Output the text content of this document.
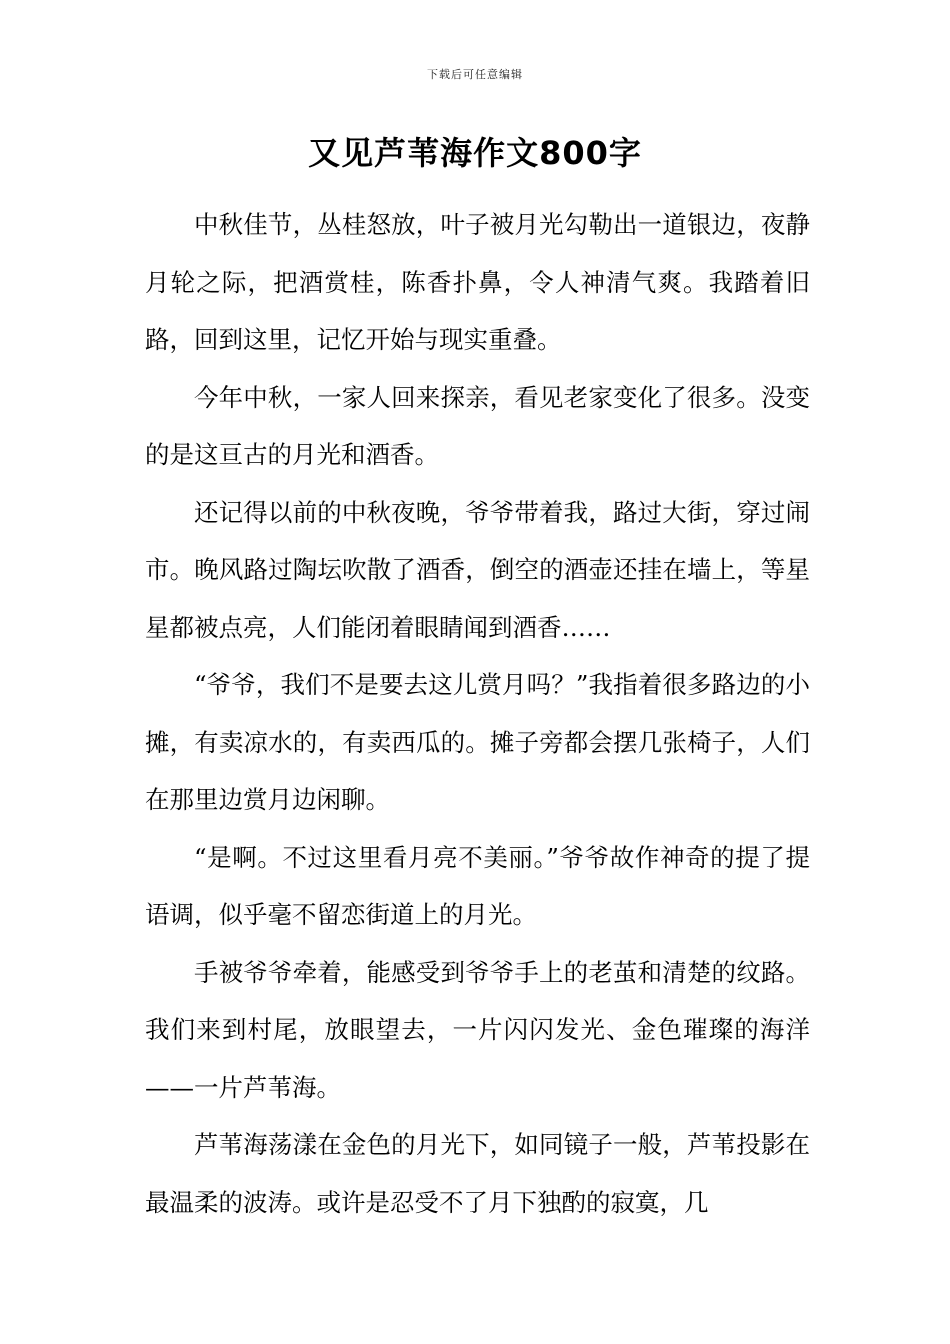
下载后可任意编辑
又见芦苇海作文800字

中秋佳节，丛桂怒放，叶子被月光勾勒出一道银边，夜静月轮之际，把酒赏桂，陈香扑鼻，令人神清气爽。我踏着旧路，回到这里，记忆开始与现实重叠。

今年中秋，一家人回来探亲，看见老家变化了很多。没变的是这亘古的月光和酒香。

还记得以前的中秋夜晚，爷爷带着我，路过大街，穿过闹市。晚风路过陶坛吹散了酒香，倒空的酒壶还挂在墙上，等星星都被点亮，人们能闭着眼睛闻到酒香……

“爷爷，我们不是要去这儿赏月吗？”我指着很多路边的小摊，有卖凉水的，有卖西瓜的。摊子旁都会摆几张椅子，人们在那里边赏月边闲聊。

“是啊。不过这里看月亮不美丽。”爷爷故作神奇的提了提语调，似乎毫不留恋街道上的月光。

手被爷爷牵着，能感受到爷爷手上的老茧和清楚的纹路。我们来到村尾，放眼望去，一片闪闪发光、金色璀璨的海洋——一片芦苇海。

芦苇海荡漾在金色的月光下，如同镜子一般，芦苇投影在最温柔的波涛。或许是忍受不了月下独酌的寂寞，几
